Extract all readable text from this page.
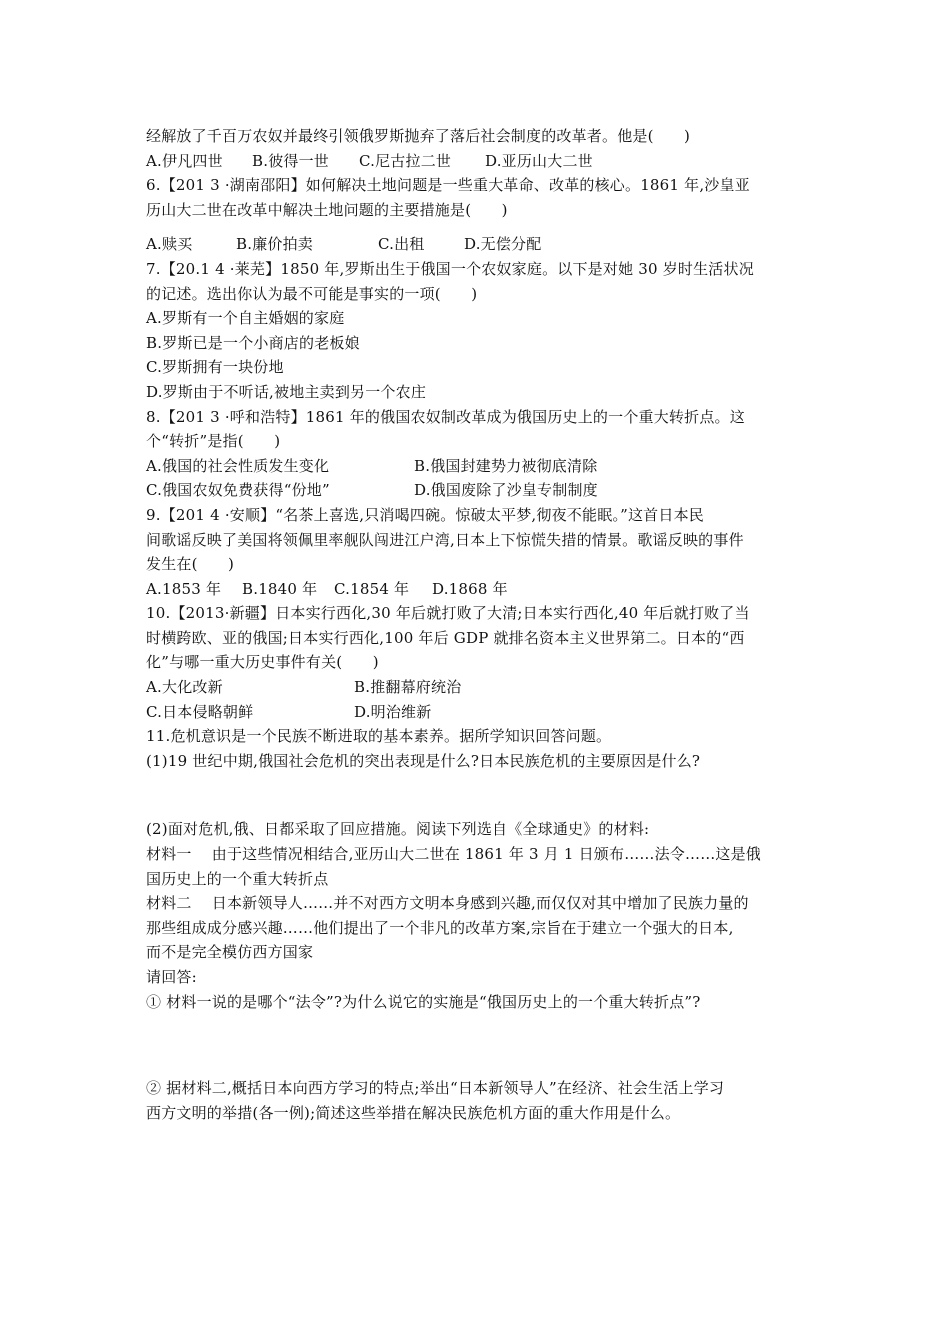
经解放了千百万农奴并最终引领俄罗斯抛弃了落后社会制度的改革者。他是(　　)
A.伊凡四世	B.彼得一世	C.尼古拉二世	D.亚历山大二世
6.【201 3 ·湖南邵阳】如何解决土地问题是一些重大革命、改革的核心。1861 年,沙皇亚
历山大二世在改革中解决土地问题的主要措施是(　　)
A.赎买	B.廉价拍卖	C.出租	D.无偿分配
7.【20.1 4 ·莱芜】1850 年,罗斯出生于俄国一个农奴家庭。以下是对她 30 岁时生活状况
的记述。选出你认为最不可能是事实的一项(　　)
A.罗斯有一个自主婚姻的家庭
B.罗斯已是一个小商店的老板娘
C.罗斯拥有一块份地
D.罗斯由于不听话,被地主卖到另一个农庄
8.【201 3 ·呼和浩特】1861 年的俄国农奴制改革成为俄国历史上的一个重大转折点。这
个“转折”是指(　　)
A.俄国的社会性质发生变化	B.俄国封建势力被彻底清除
C.俄国农奴免费获得“份地”	D.俄国废除了沙皇专制制度
9.【201 4 ·安顺】“名茶上喜选,只消喝四碗。惊破太平梦,彻夜不能眠。”这首日本民
间歌谣反映了美国将领佩里率舰队闯进江户湾,日本上下惊慌失措的情景。歌谣反映的事件
发生在(　　)
A.1853 年	B.1840 年	C.1854 年	D.1868 年
10.【2013·新疆】日本实行西化,30 年后就打败了大清;日本实行西化,40 年后就打败了当
时横跨欧、亚的俄国;日本实行西化,100 年后 GDP 就排名资本主义世界第二。日本的“西
化”与哪一重大历史事件有关(　　)
A.大化改新	B.推翻幕府统治
C.日本侵略朝鲜	D.明治维新
11.危机意识是一个民族不断进取的基本素养。据所学知识回答问题。
(1)19 世纪中期,俄国社会危机的突出表现是什么?日本民族危机的主要原因是什么?
(2)面对危机,俄、日都采取了回应措施。阅读下列选自《全球通史》的材料:
材料一　 由于这些情况相结合,亚历山大二世在 1861 年 3 月 1 日颁布……法令……这是俄
国历史上的一个重大转折点
材料二　 日本新领导人……并不对西方文明本身感到兴趣,而仅仅对其中增加了民族力量的
那些组成成分感兴趣……他们提出了一个非凡的改革方案,宗旨在于建立一个强大的日本,
而不是完全模仿西方国家
请回答:
① 材料一说的是哪个“法令”?为什么说它的实施是“俄国历史上的一个重大转折点”?
② 据材料二,概括日本向西方学习的特点;举出“日本新领导人”在经济、社会生活上学习
西方文明的举措(各一例);简述这些举措在解决民族危机方面的重大作用是什么。
